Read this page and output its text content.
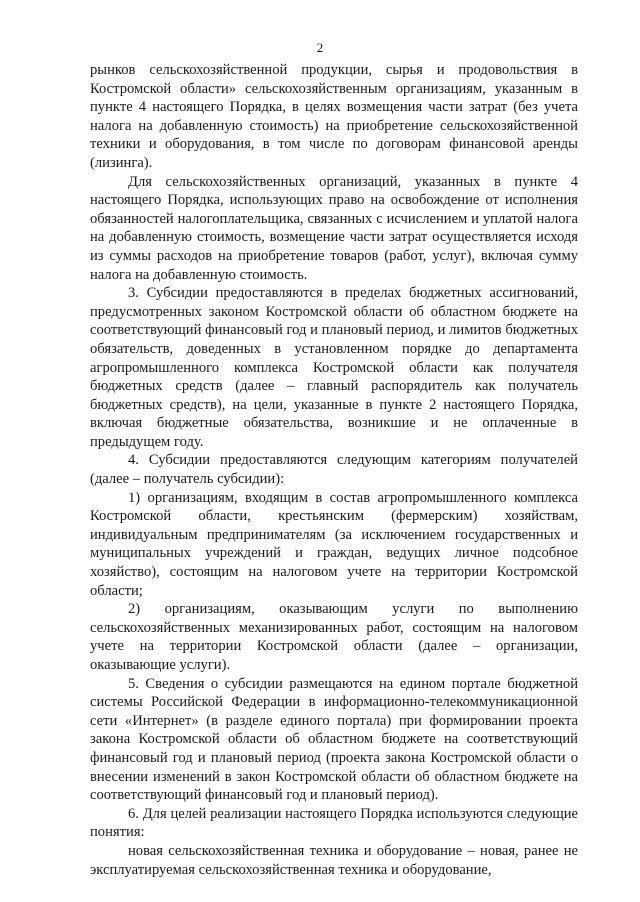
2

рынков сельскохозяйственной продукции, сырья и продовольствия в Костромской области» сельскохозяйственным организациям, указанным в пункте 4 настоящего Порядка, в целях возмещения части затрат (без учета налога на добавленную стоимость) на приобретение сельскохозяйственной техники и оборудования, в том числе по договорам финансовой аренды (лизинга).

Для сельскохозяйственных организаций, указанных в пункте 4 настоящего Порядка, использующих право на освобождение от исполнения обязанностей налогоплательщика, связанных с исчислением и уплатой налога на добавленную стоимость, возмещение части затрат осуществляется исходя из суммы расходов на приобретение товаров (работ, услуг), включая сумму налога на добавленную стоимость.

3. Субсидии предоставляются в пределах бюджетных ассигнований, предусмотренных законом Костромской области об областном бюджете на соответствующий финансовый год и плановый период, и лимитов бюджетных обязательств, доведенных в установленном порядке до департамента агропромышленного комплекса Костромской области как получателя бюджетных средств (далее – главный распорядитель как получатель бюджетных средств), на цели, указанные в пункте 2 настоящего Порядка, включая бюджетные обязательства, возникшие и не оплаченные в предыдущем году.

4. Субсидии предоставляются следующим категориям получателей (далее – получатель субсидии):

1) организациям, входящим в состав агропромышленного комплекса Костромской области, крестьянским (фермерским) хозяйствам, индивидуальным предпринимателям (за исключением государственных и муниципальных учреждений и граждан, ведущих личное подсобное хозяйство), состоящим на налоговом учете на территории Костромской области;

2) организациям, оказывающим услуги по выполнению сельскохозяйственных механизированных работ, состоящим на налоговом учете на территории Костромской области (далее – организации, оказывающие услуги).

5. Сведения о субсидии размещаются на едином портале бюджетной системы Российской Федерации в информационно-телекоммуникационной сети «Интернет» (в разделе единого портала) при формировании проекта закона Костромской области об областном бюджете на соответствующий финансовый год и плановый период (проекта закона Костромской области о внесении изменений в закон Костромской области об областном бюджете на соответствующий финансовый год и плановый период).

6. Для целей реализации настоящего Порядка используются следующие понятия:

новая сельскохозяйственная техника и оборудование – новая, ранее не эксплуатируемая сельскохозяйственная техника и оборудование,
